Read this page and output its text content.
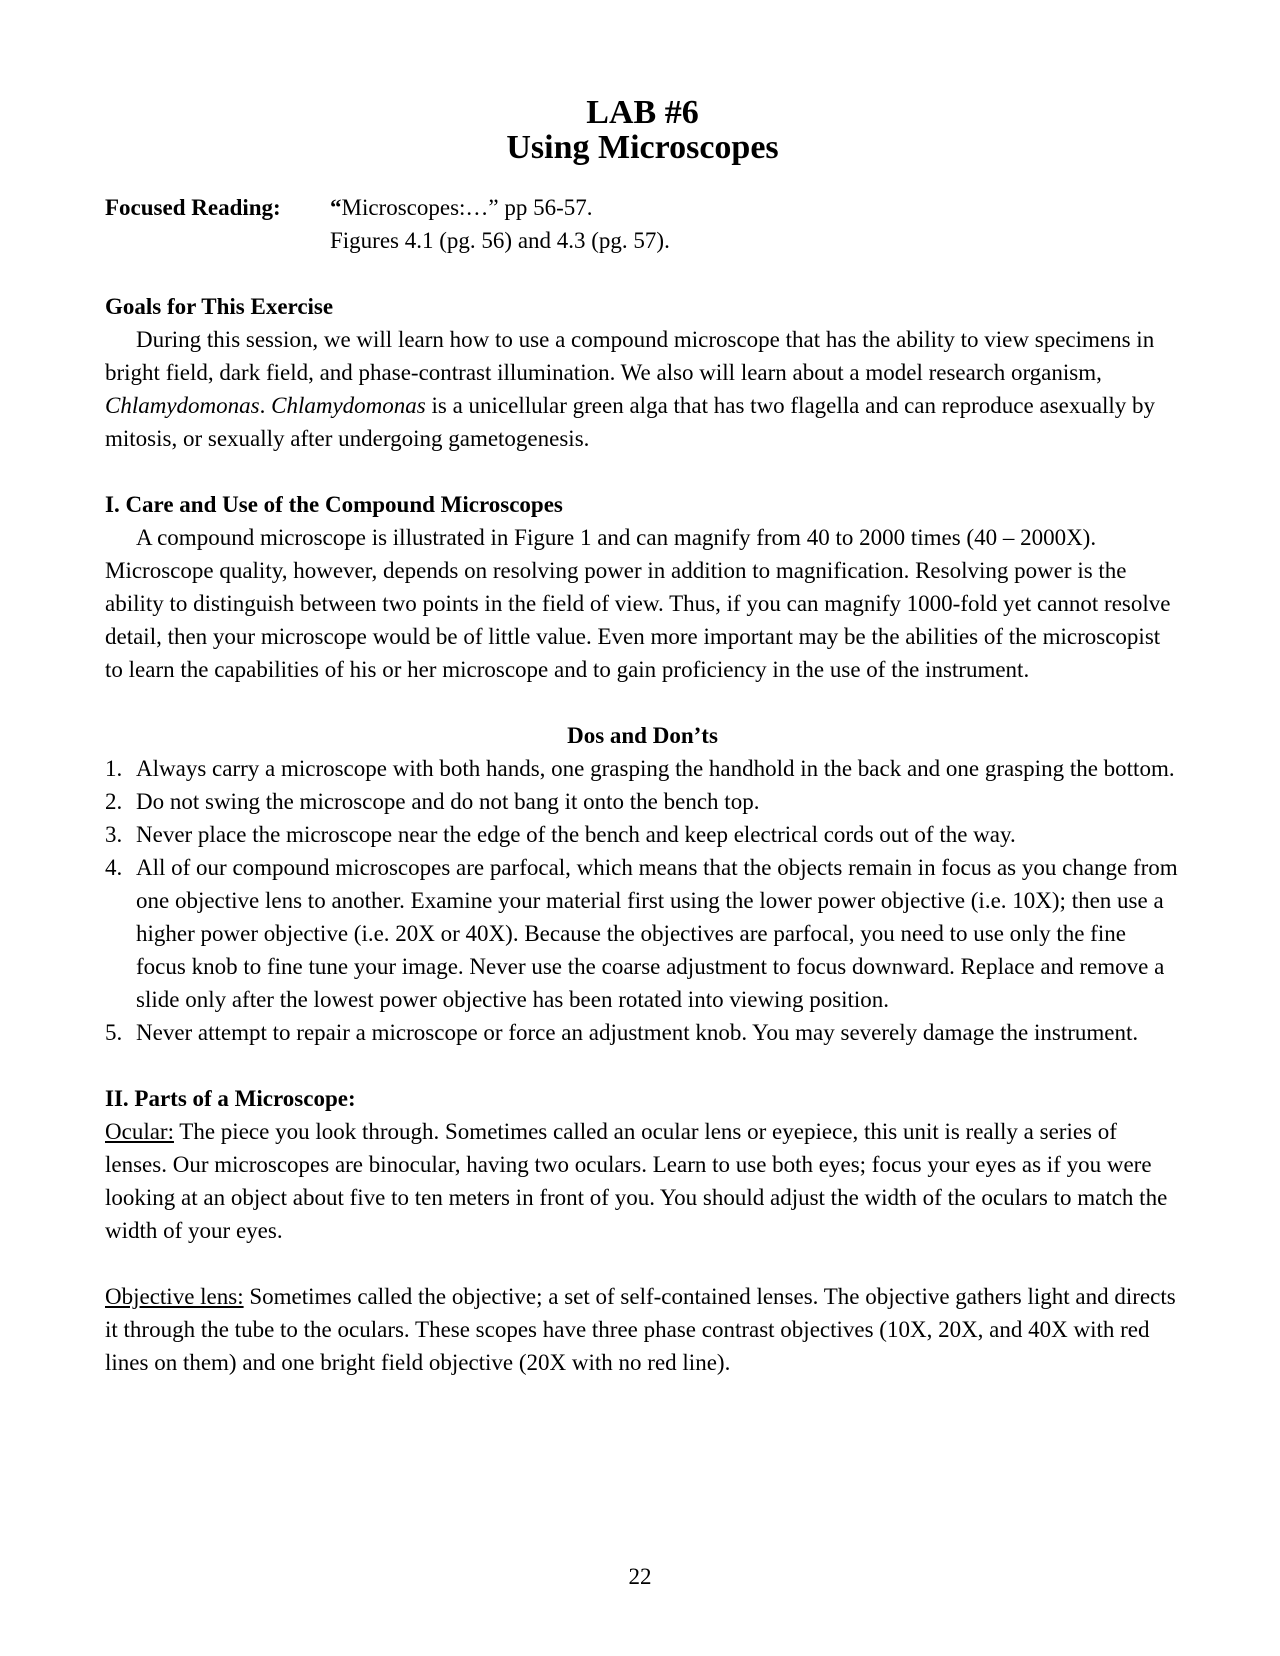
LAB #6
Using Microscopes
Focused Reading:	“Microscopes:…” pp 56-57.
Figures 4.1 (pg. 56) and 4.3 (pg. 57).
Goals for This Exercise

During this session, we will learn how to use a compound microscope that has the ability to view specimens in bright field, dark field, and phase-contrast illumination. We also will learn about a model research organism, Chlamydomonas. Chlamydomonas is a unicellular green alga that has two flagella and can reproduce asexually by mitosis, or sexually after undergoing gametogenesis.

I. Care and Use of the Compound Microscopes

A compound microscope is illustrated in Figure 1 and can magnify from 40 to 2000 times (40 – 2000X). Microscope quality, however, depends on resolving power in addition to magnification. Resolving power is the ability to distinguish between two points in the field of view. Thus, if you can magnify 1000-fold yet cannot resolve detail, then your microscope would be of little value. Even more important may be the abilities of the microscopist to learn the capabilities of his or her microscope and to gain proficiency in the use of the instrument.

Dos and Don’ts
1. Always carry a microscope with both hands, one grasping the handhold in the back and one grasping the bottom.
2. Do not swing the microscope and do not bang it onto the bench top.
3. Never place the microscope near the edge of the bench and keep electrical cords out of the way.
4. All of our compound microscopes are parfocal, which means that the objects remain in focus as you change from one objective lens to another. Examine your material first using the lower power objective (i.e. 10X); then use a higher power objective (i.e. 20X or 40X). Because the objectives are parfocal, you need to use only the fine focus knob to fine tune your image. Never use the coarse adjustment to focus downward. Replace and remove a slide only after the lowest power objective has been rotated into viewing position.
5. Never attempt to repair a microscope or force an adjustment knob. You may severely damage the instrument.
II. Parts of a Microscope:

Ocular: The piece you look through. Sometimes called an ocular lens or eyepiece, this unit is really a series of lenses. Our microscopes are binocular, having two oculars. Learn to use both eyes; focus your eyes as if you were looking at an object about five to ten meters in front of you. You should adjust the width of the oculars to match the width of your eyes.

Objective lens: Sometimes called the objective; a set of self-contained lenses. The objective gathers light and directs it through the tube to the oculars. These scopes have three phase contrast objectives (10X, 20X, and 40X with red lines on them) and one bright field objective (20X with no red line).

22
